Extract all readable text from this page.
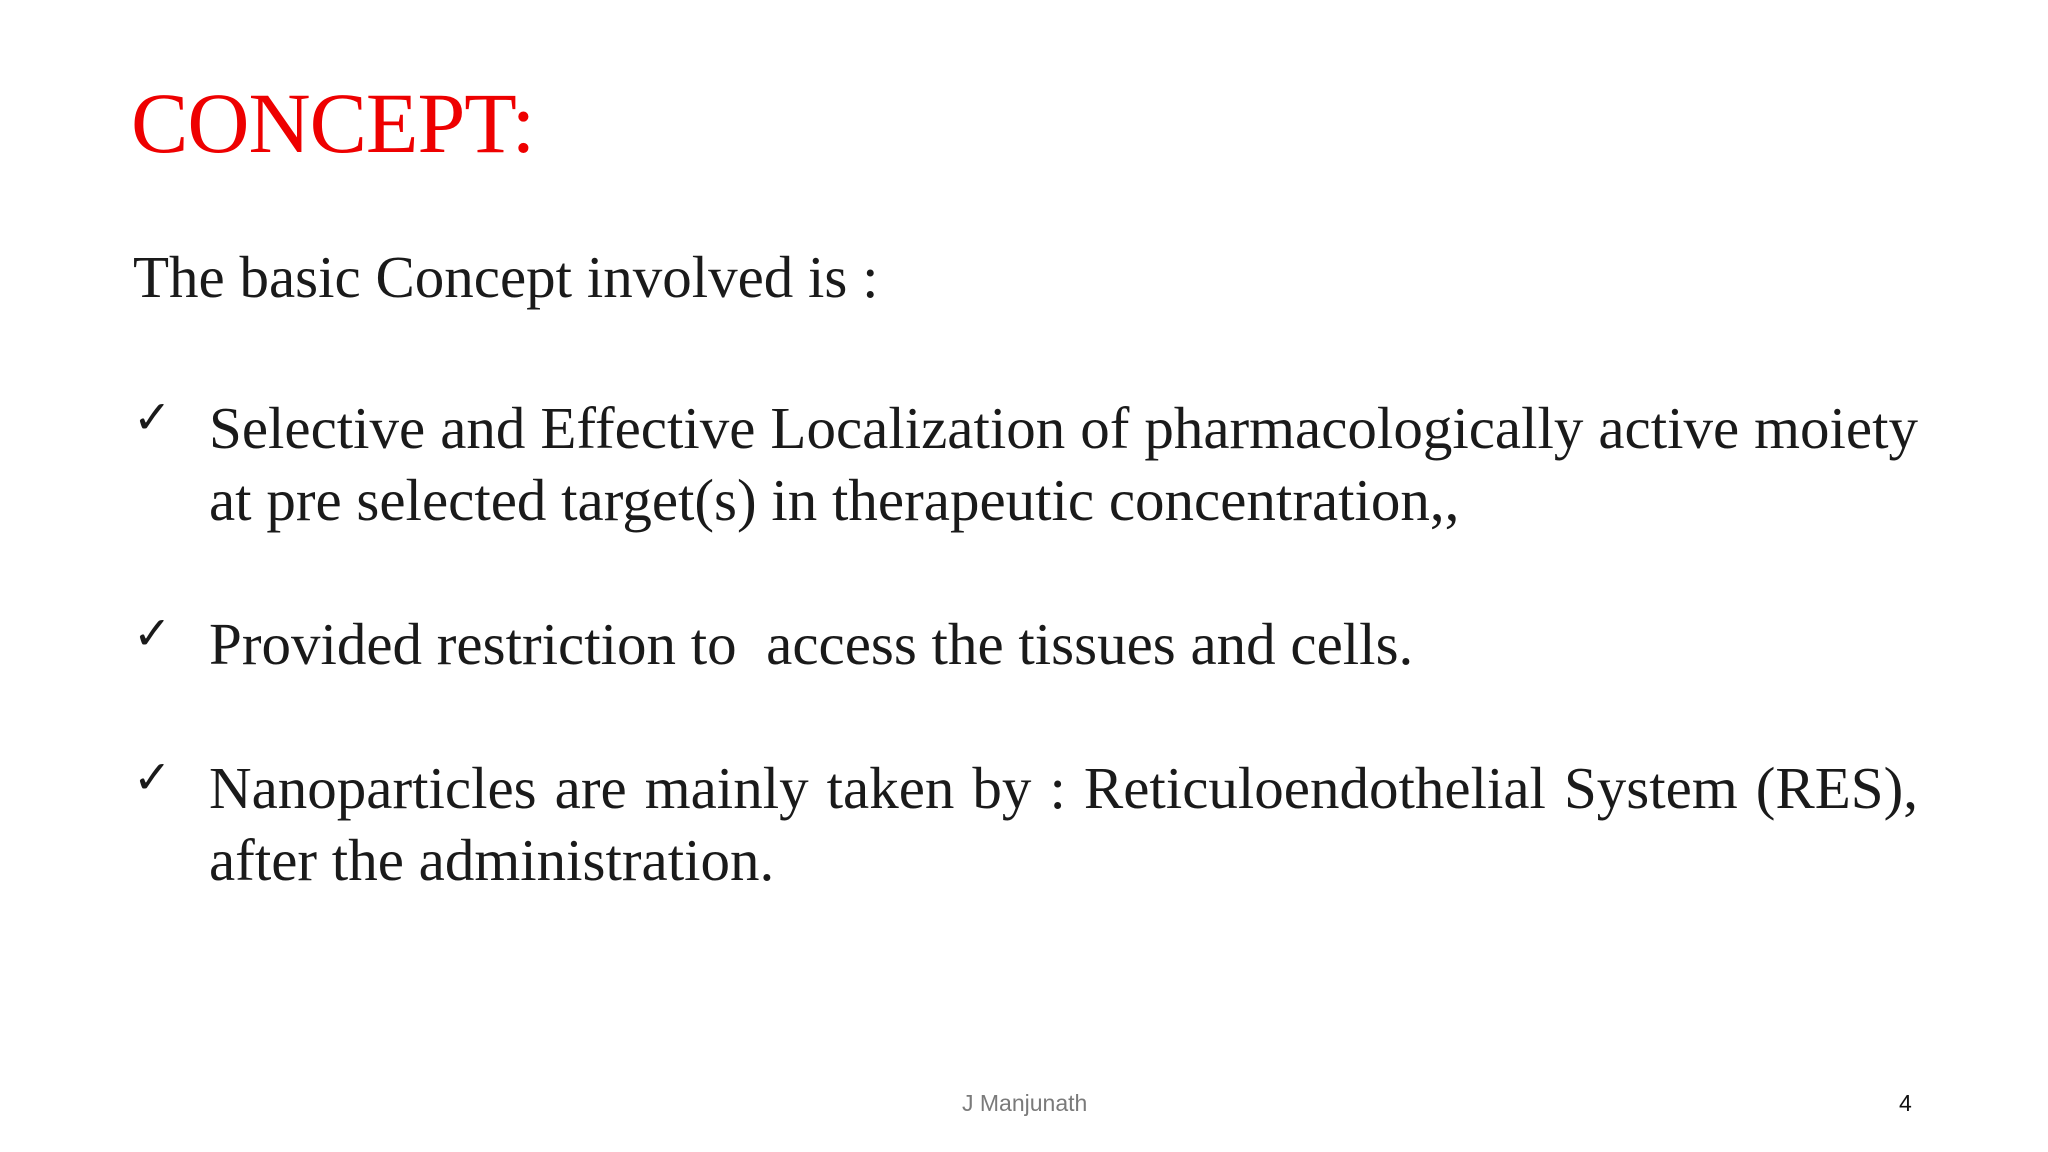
CONCEPT:
The basic Concept involved is :
✓ Selective and Effective Localization of pharmacologically active moiety at pre selected target(s) in therapeutic concentration,,
✓ Provided restriction to  access the tissues and cells.
✓ Nanoparticles are mainly taken by : Reticuloendothelial System (RES), after the administration.
J Manjunath	4
